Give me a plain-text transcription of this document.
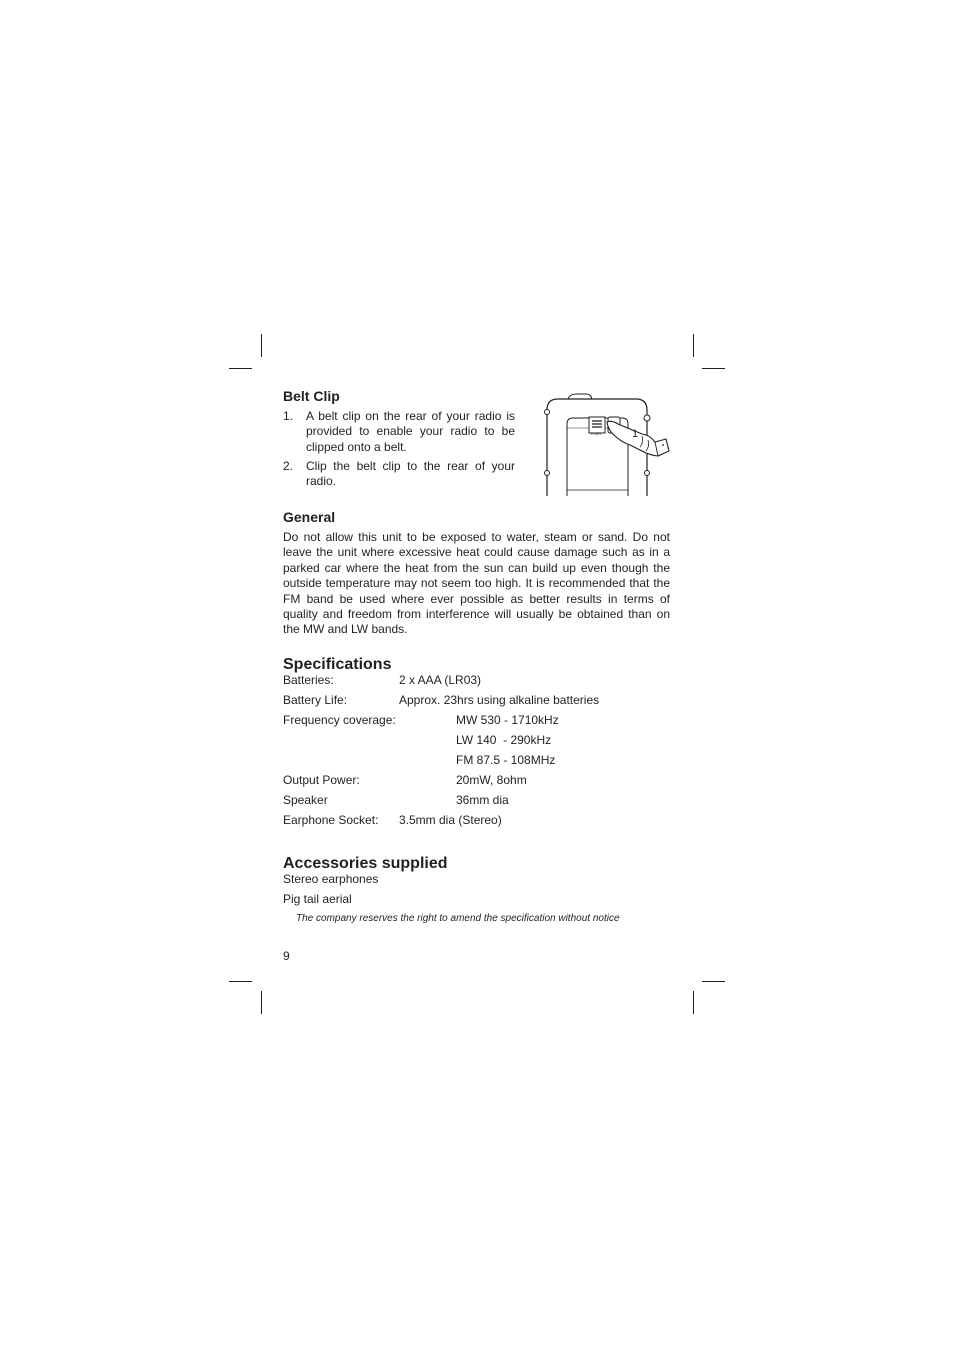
Belt Clip
1. A belt clip on the rear of your radio is provided to enable your radio to be clipped onto a belt.
2. Clip the belt clip to the rear of your radio.
PUSH	1
General
Do not allow this unit to be exposed to water, steam or sand. Do not leave the unit where excessive heat could cause damage such as in a parked car where the heat from the sun can build up even though the outside temperature may not seem too high. It is recommended that the FM band be used where ever possible as better results in terms of quality and freedom from interference will usually be obtained than on the MW and LW bands.
Specifications
Batteries:	2 x AAA (LR03)
Battery Life:	Approx. 23hrs using alkaline batteries
Frequency coverage:	MW 530 - 1710kHz
LW 140  - 290kHz
FM 87.5 - 108MHz
Output Power:	20mW, 8ohm
Speaker	36mm dia
Earphone Socket: 3.5mm dia (Stereo)
Accessories supplied
Stereo earphones
Pig tail aerial
The company reserves the right to amend the specification without notice
9
